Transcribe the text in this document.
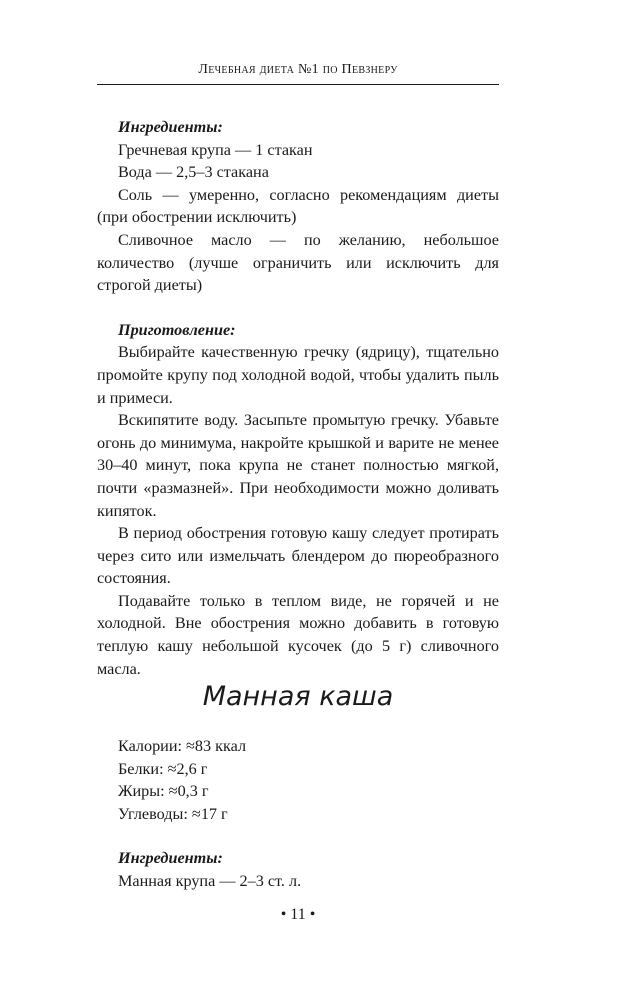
Лечебная диета №1 по Певзнеру

Ингредиенты:

Гречневая крупа — 1 стакан

Вода — 2,5–3 стакана

Соль — умеренно, согласно рекомендациям диеты (при обострении исключить)

Сливочное масло — по желанию, небольшое количество (лучше ограничить или исключить для строгой диеты)

Приготовление:

Выбирайте качественную гречку (ядрицу), тщательно промойте крупу под холодной водой, чтобы удалить пыль и примеси.

Вскипятите воду. Засыпьте промытую гречку. Убавьте огонь до минимума, накройте крышкой и варите не менее 30–40 минут, пока крупа не станет полностью мягкой, почти «размазней». При необходимости можно доливать кипяток.

В период обострения готовую кашу следует протирать через сито или измельчать блендером до пюреобразного состояния.

Подавайте только в теплом виде, не горячей и не холодной. Вне обострения можно добавить в готовую теплую кашу небольшой кусочек (до 5 г) сливочного масла.

Манная каша

Калории: ≈83 ккал

Белки: ≈2,6 г

Жиры: ≈0,3 г

Углеводы: ≈17 г

Ингредиенты:

Манная крупа — 2–3 ст. л.

• 11 •
